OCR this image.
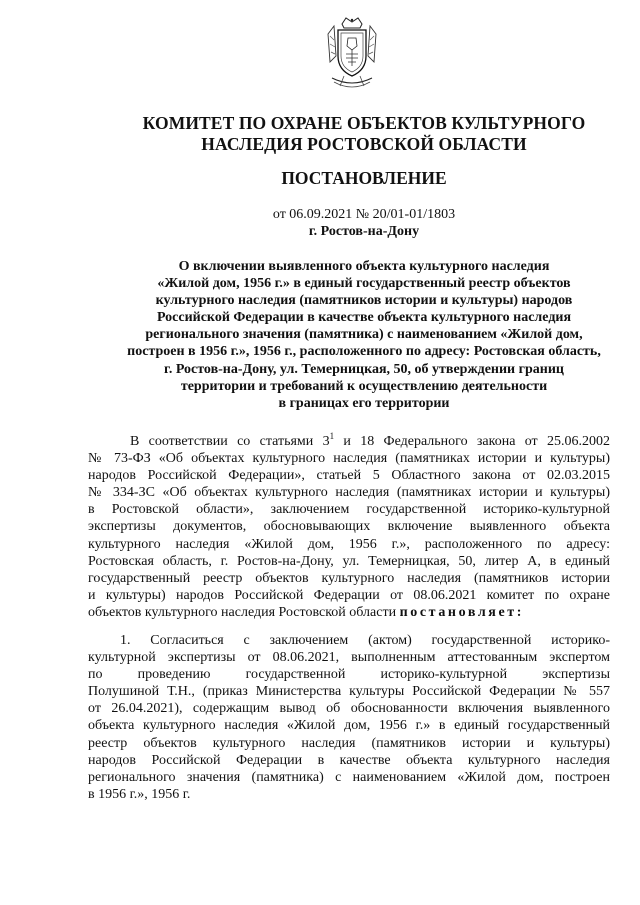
КОМИТЕТ ПО ОХРАНЕ ОБЪЕКТОВ КУЛЬТУРНОГО
НАСЛЕДИЯ РОСТОВСКОЙ ОБЛАСТИ
ПОСТАНОВЛЕНИЕ
от 06.09.2021 № 20/01-01/1803
г. Ростов-на-Дону
О включении выявленного объекта культурного наследия
«Жилой дом, 1956 г.» в единый государственный реестр объектов
культурного наследия (памятников истории и культуры) народов
Российской Федерации в качестве объекта культурного наследия
регионального значения (памятника) с наименованием «Жилой дом,
построен в 1956 г.», 1956 г., расположенного по адресу: Ростовская область,
г. Ростов-на-Дону, ул. Темерницкая, 50, об утверждении границ
территории и требований к осуществлению деятельности
в границах его территории
В соответствии со статьями $3^1$ и 18 Федерального закона от 25.06.2002
№ 73-ФЗ «Об объектах культурного наследия (памятниках истории и культуры)
народов Российской Федерации», статьей 5 Областного закона от 02.03.2015
№ 334-ЗС «Об объектах культурного наследия (памятниках истории и культуры)
в Ростовской области», заключением государственной историко-культурной
экспертизы документов, обосновывающих включение выявленного объекта
культурного наследия «Жилой дом, 1956 г.», расположенного по адресу:
Ростовская область, г. Ростов-на-Дону, ул. Темерницкая, 50, литер А, в единый
государственный реестр объектов культурного наследия (памятников истории
и культуры) народов Российской Федерации от 08.06.2021 комитет по охране
объектов культурного наследия Ростовской области постановляет:
1. Согласиться с заключением (актом) государственной историко-
культурной экспертизы от 08.06.2021, выполненным аттестованным экспертом
по проведению государственной историко-культурной экспертизы
Полушиной Т.Н., (приказ Министерства культуры Российской Федерации № 557
от 26.04.2021), содержащим вывод об обоснованности включения выявленного
объекта культурного наследия «Жилой дом, 1956 г.» в единый государственный
реестр объектов культурного наследия (памятников истории и культуры)
народов Российской Федерации в качестве объекта культурного наследия
регионального значения (памятника) с наименованием «Жилой дом, построен
в 1956 г.», 1956 г.
